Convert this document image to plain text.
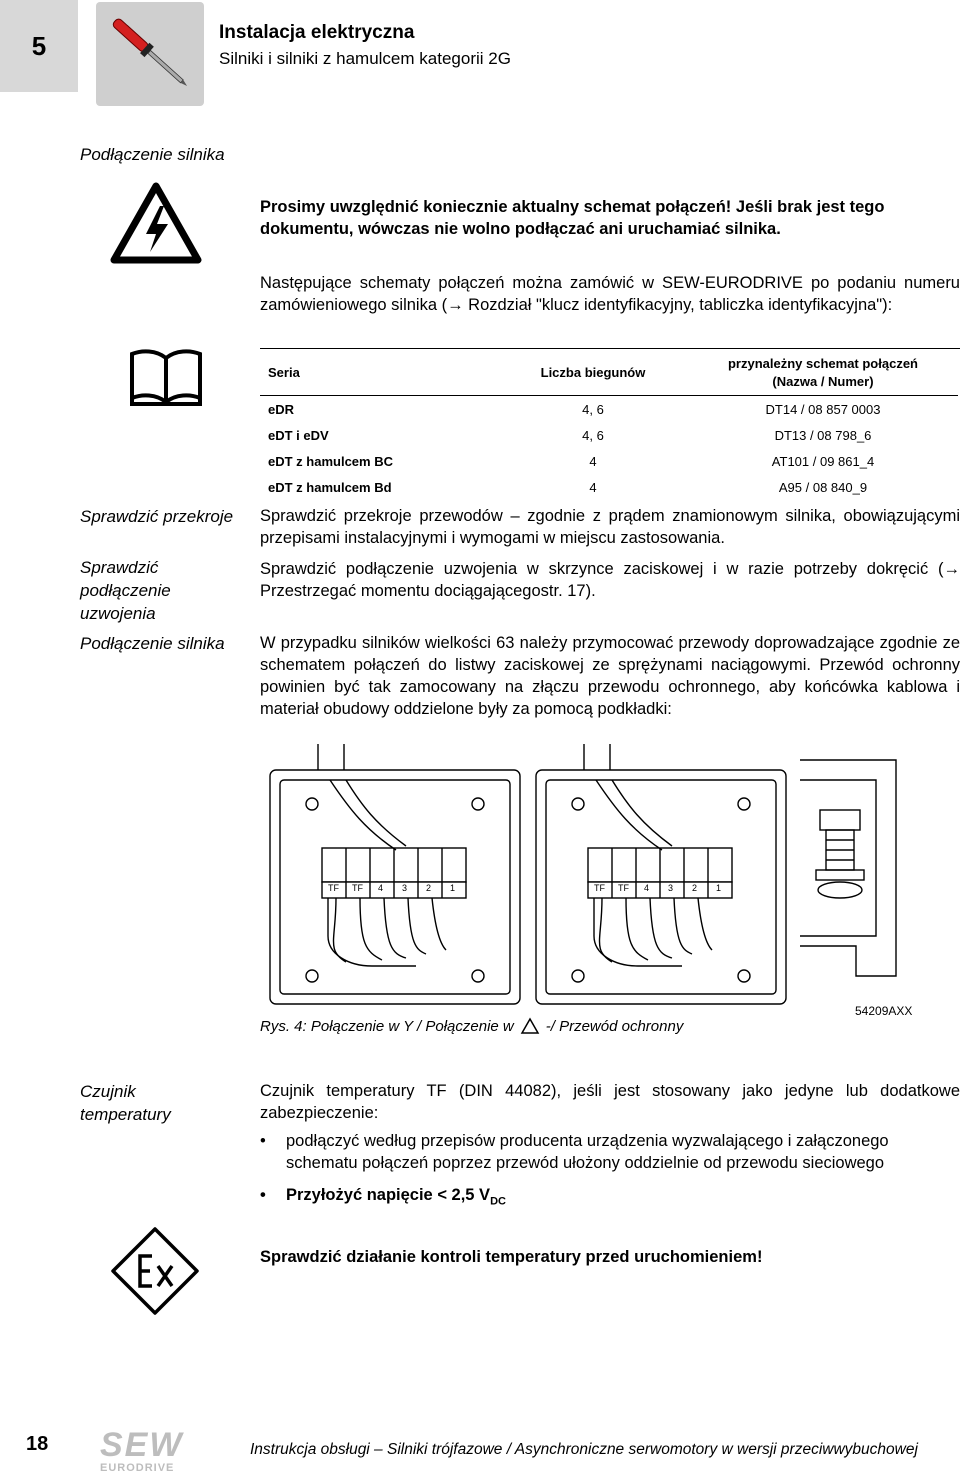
5	Instalacja elektryczna
Silniki i silniki z hamulcem kategorii 2G
Podłączenie silnika
Prosimy uwzględnić koniecznie aktualny schemat połączeń! Jeśli brak jest tego dokumentu, wówczas nie wolno podłączać ani uruchamiać silnika.
Następujące schematy połączeń można zamówić w SEW-EURODRIVE po podaniu numeru zamówieniowego silnika (→ Rozdział "klucz identyfikacyjny, tabliczka identyfikacyjna"):
Seria	Liczba biegunów	przynależny schemat połączeń
(Nazwa / Numer)

eDR	4, 6	DT14 / 08 857 0003
eDT i eDV	4, 6	DT13 / 08 798_6
eDT z hamulcem BC	4	AT101 / 09 861_4
eDT z hamulcem Bd	4	A95 / 08 840_9
Sprawdzić przekroje
Sprawdzić podłączenie uzwojenia
Podłączenie silnika
Sprawdzić przekroje przewodów – zgodnie z prądem znamionowym silnika, obowiązującymi przepisami instalacyjnymi i wymogami w miejscu zastosowania.
Sprawdzić podłączenie uzwojenia w skrzynce zaciskowej i w razie potrzeby dokręcić (→ Przestrzegać momentu dociągającegostr. 17).
W przypadku silników wielkości 63 należy przymocować przewody doprowadzające zgodnie ze schematem połączeń do listwy zaciskowej ze sprężynami naciągowymi. Przewód ochronny powinien być tak zamocowany na złączu przewodu ochronnego, aby końcówka kablowa i materiał obudowy oddzielone były za pomocą podkładki:
TF TF 4 3 2 1	TF TF 4 3 2 1
Rys. 4: Połączenie w Y / Połączenie w -/ Przewód ochronny
54209AXX
Czujnik temperatury
Czujnik temperatury TF (DIN 44082), jeśli jest stosowany jako jedyne lub dodatkowe zabezpieczenie:
• podłączyć według przepisów producenta urządzenia wyzwalającego i załączonego schematu połączeń poprzez przewód ułożony oddzielnie od przewodu sieciowego
• Przyłożyć napięcie < 2,5 $V_{DC}$
Sprawdzić działanie kontroli temperatury przed uruchomieniem!
18 SEW
EURODRIVE
Instrukcja obsługi – Silniki trójfazowe / Asynchroniczne serwomotory w wersji przeciwwybuchowej
